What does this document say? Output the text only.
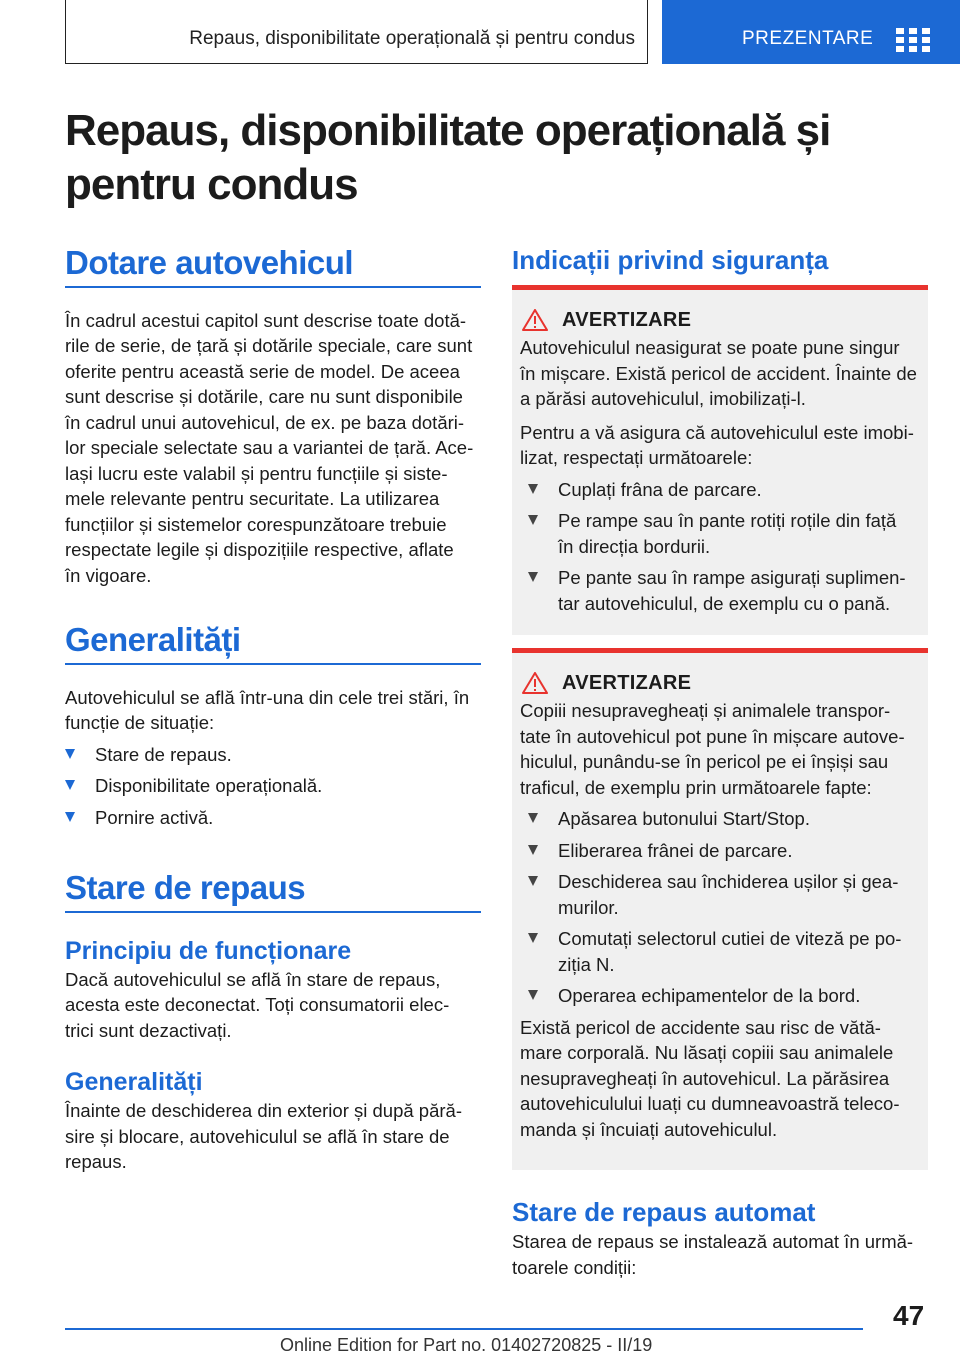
Repaus, disponibilitate operațională și pentru condus	PREZENTARE
Repaus, disponibilitate operațională și pentru condus
Dotare autovehicul
În cadrul acestui capitol sunt descrise toate dotă-
rile de serie, de țară și dotările speciale, care sunt
oferite pentru această serie de model. De aceea
sunt descrise și dotările, care nu sunt disponibile
în cadrul unui autovehicul, de ex. pe baza dotări-
lor speciale selectate sau a variantei de țară. Ace-
lași lucru este valabil și pentru funcțiile și siste-
mele relevante pentru securitate. La utilizarea
funcțiilor și sistemelor corespunzătoare trebuie
respectate legile și dispozițiile respective, aflate
în vigoare.
Generalități
Autovehiculul se află într-una din cele trei stări, în
funcție de situație:
Stare de repaus.
Disponibilitate operațională.
Pornire activă.
Stare de repaus
Principiu de funcționare
Dacă autovehiculul se află în stare de repaus,
acesta este deconectat. Toți consumatorii elec-
trici sunt dezactivați.
Generalități
Înainte de deschiderea din exterior și după pără-
sire și blocare, autovehiculul se află în stare de
repaus.
Indicații privind siguranța
AVERTIZARE
Autovehiculul neasigurat se poate pune singur
în mișcare. Există pericol de accident. Înainte de
a părăsi autovehiculul, imobilizați-l.
Pentru a vă asigura că autovehiculul este imobi-
lizat, respectați următoarele:
Cuplați frâna de parcare.
Pe rampe sau în pante rotiți roțile din față
în direcția bordurii.
Pe pante sau în rampe asigurați suplimen-
tar autovehiculul, de exemplu cu o pană.
AVERTIZARE
Copiii nesupravegheați și animalele transpor-
tate în autovehicul pot pune în mișcare autove-
hiculul, punându-se în pericol pe ei înșiși sau
traficul, de exemplu prin următoarele fapte:
Apăsarea butonului Start/Stop.
Eliberarea frânei de parcare.
Deschiderea sau închiderea ușilor și gea-
murilor.
Comutați selectorul cutiei de viteză pe po-
ziția N.
Operarea echipamentelor de la bord.
Există pericol de accidente sau risc de vătă-
mare corporală. Nu lăsați copiii sau animalele
nesupravegheați în autovehicul. La părăsirea
autovehiculului luați cu dumneavoastră teleco-
manda și încuiați autovehiculul.
Stare de repaus automat
Starea de repaus se instalează automat în urmă-
toarele condiții:
47
Online Edition for Part no. 01402720825 - II/19
